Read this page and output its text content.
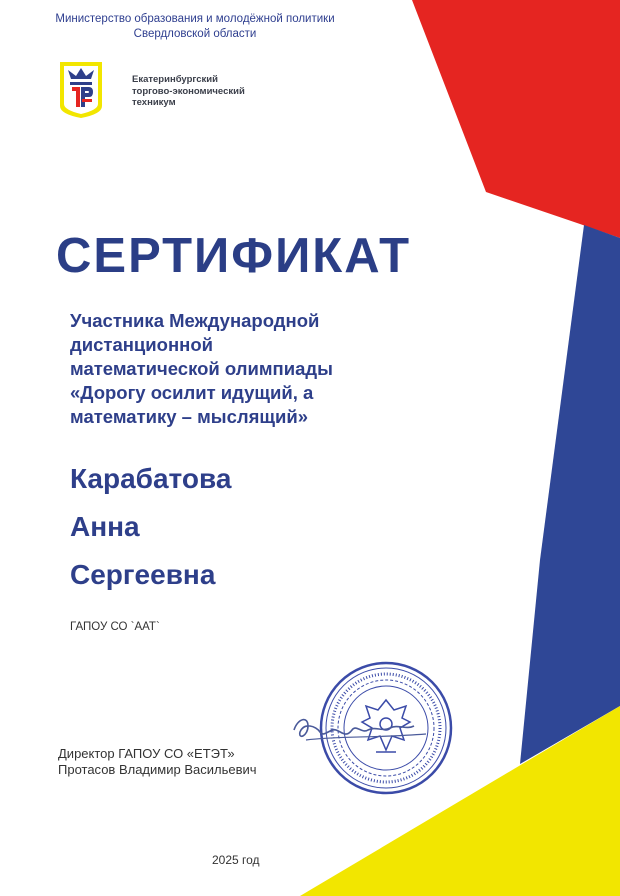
Министерство образования и молодёжной политики
Свердловской области
Екатеринбургский
торгово-экономический
техникум
СЕРТИФИКАТ
Участника Международной
дистанционной
математической олимпиады
«Дорогу осилит идущий, а
математику – мыслящий»
Карабатова
Анна
Сергеевна
ГАПОУ СО `ААТ`
Директор ГАПОУ СО «ЕТЭТ»
Протасов Владимир Васильевич
2025 год
